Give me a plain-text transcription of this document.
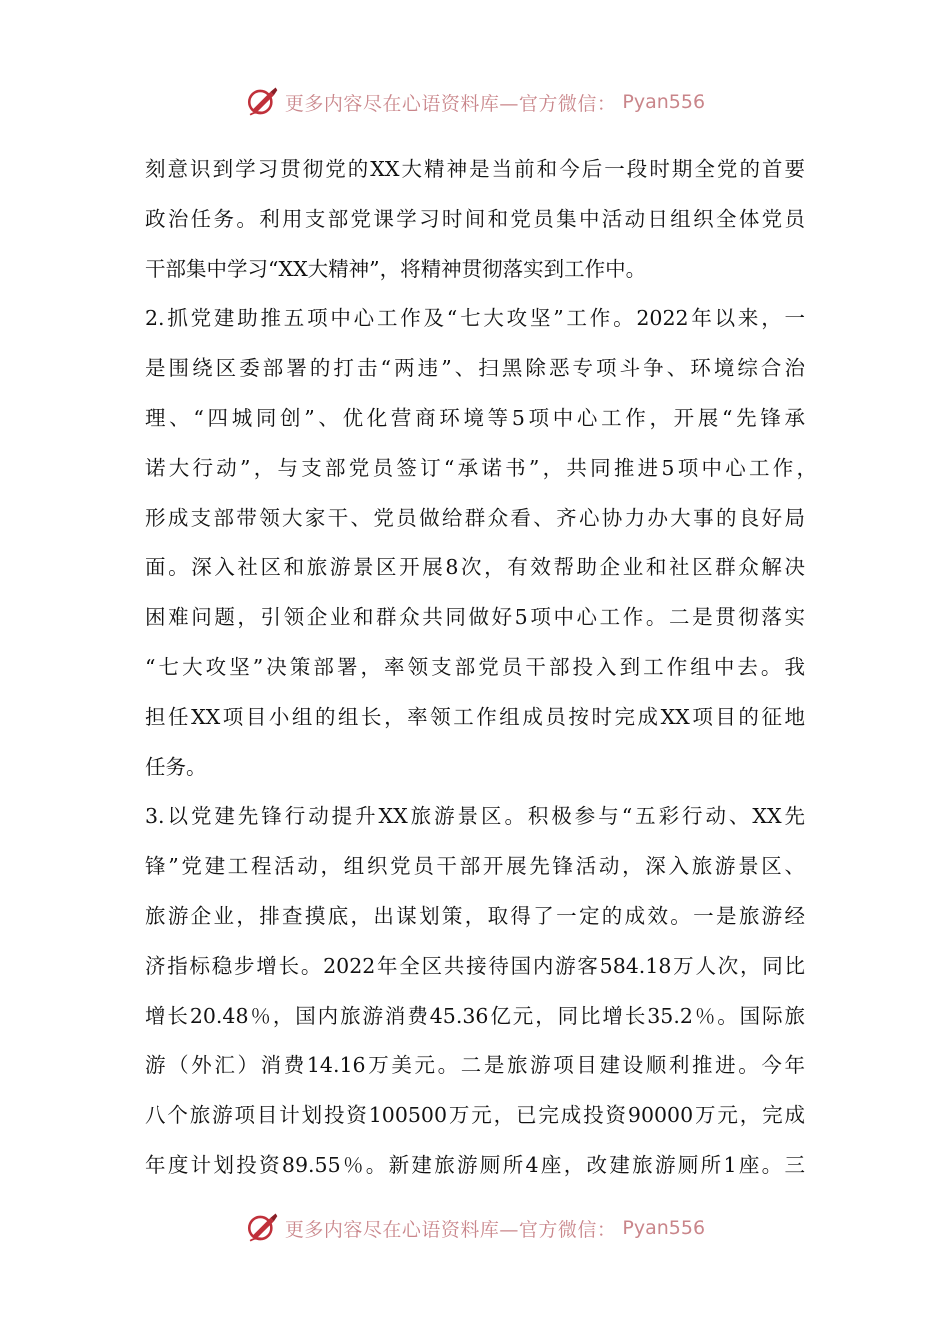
更多内容尽在心语资料库—官方微信： Pyan556
刻意识到学习贯彻党的XX大精神是当前和今后一段时期全党的首要
政治任务。利用支部党课学习时间和党员集中活动日组织全体党员
干部集中学习“XX大精神”，将精神贯彻落实到工作中。
2.抓党建助推五项中心工作及“七大攻坚”工作。2022年以来，一
是围绕区委部署的打击“两违”、扫黑除恶专项斗争、环境综合治
理、“四城同创”、优化营商环境等5项中心工作，开展“先锋承
诺大行动”，与支部党员签订“承诺书”，共同推进5项中心工作，
形成支部带领大家干、党员做给群众看、齐心协力办大事的良好局
面。深入社区和旅游景区开展8次，有效帮助企业和社区群众解决
困难问题，引领企业和群众共同做好5项中心工作。二是贯彻落实
“七大攻坚”决策部署，率领支部党员干部投入到工作组中去。我
担任XX项目小组的组长，率领工作组成员按时完成XX项目的征地
任务。
3.以党建先锋行动提升XX旅游景区。积极参与“五彩行动、XX先
锋”党建工程活动，组织党员干部开展先锋活动，深入旅游景区、
旅游企业，排查摸底，出谋划策，取得了一定的成效。一是旅游经
济指标稳步增长。2022年全区共接待国内游客584.18万人次，同比
增长20.48％，国内旅游消费45.36亿元，同比增长35.2％。国际旅
游（外汇）消费14.16万美元。二是旅游项目建设顺利推进。今年
八个旅游项目计划投资100500万元，已完成投资90000万元，完成
年度计划投资89.55％。新建旅游厕所4座，改建旅游厕所1座。三
更多内容尽在心语资料库—官方微信： Pyan556
